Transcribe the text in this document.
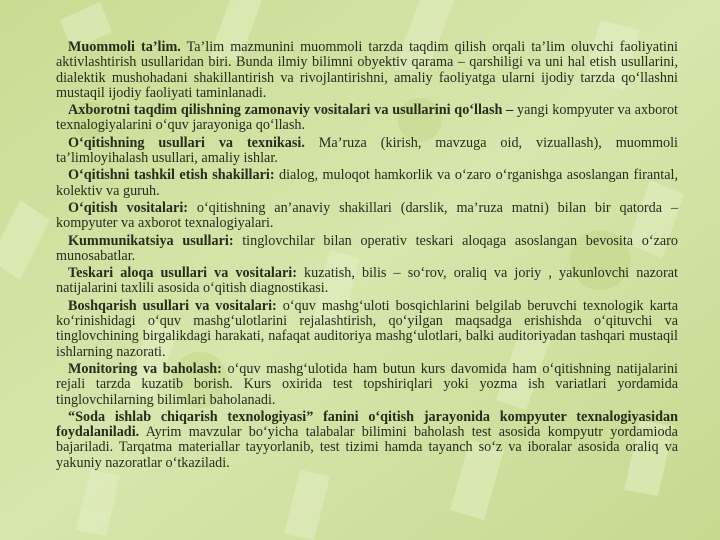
Muommoli ta’lim. Ta’lim mazmunini muommoli tarzda taqdim qilish orqali ta’lim oluvchi faoliyatini aktivlashtirish usullaridan biri. Bunda ilmiy bilimni obyektiv qarama – qarshiligi va uni hal etish usullarini, dialektik mushohadani shakillantirish va rivojlantirishni, amaliy faoliyatga ularni ijodiy tarzda qo‘llashni mustaqil ijodiy faoliyati taminlanadi.

Axborotni taqdim qilishning zamonaviy vositalari va usullarini qo‘llash – yangi kompyuter va axborot texnalogiyalarini o‘quv jarayoniga qo‘llash.

O‘qitishning usullari va texnikasi. Ma’ruza (kirish, mavzuga oid, vizuallash), muommoli ta’limloyihalash usullari, amaliy ishlar.

O‘qitishni tashkil etish shakillari: dialog, muloqot hamkorlik va o‘zaro o‘rganishga asoslangan firantal, kolektiv va guruh.

O‘qitish vositalari: o‘qitishning an’anaviy shakillari (darslik, ma’ruza matni) bilan bir qatorda – kompyuter va axborot texnalogiyalari.

Kummunikatsiya usullari: tinglovchilar bilan operativ teskari aloqaga asoslangan bevosita o‘zaro munosabatlar.

Teskari aloqa usullari va vositalari: kuzatish, bilis – so‘rov, oraliq va joriy , yakunlovchi nazorat natijalarini taxlili asosida o‘qitish diagnostikasi.

Boshqarish usullari va vositalari: o‘quv mashg‘uloti bosqichlarini belgilab beruvchi texnologik karta ko‘rinishidagi o‘quv mashg‘ulotlarini rejalashtirish, qo‘yilgan maqsadga erishishda o‘qituvchi va tinglovchining birgalikdagi harakati, nafaqat auditoriya mashg‘ulotlari, balki auditoriyadan tashqari mustaqil ishlarning nazorati.

Monitoring va baholash: o‘quv mashg‘ulotida ham butun kurs davomida ham o‘qitishning natijalarini rejali tarzda kuzatib borish. Kurs oxirida test topshiriqlari yoki yozma ish variatlari yordamida tinglovchilarning bilimlari baholanadi.

“Soda ishlab chiqarish texnologiyasi” fanini o‘qitish jarayonida kompyuter texnalogiyasidan foydalaniladi. Ayrim mavzular bo‘yicha talabalar bilimini baholash test asosida kompyutr yordamioda bajariladi. Tarqatma materiallar tayyorlanib, test tizimi hamda tayanch so‘z va iboralar asosida oraliq va yakuniy nazoratlar o‘tkaziladi.
